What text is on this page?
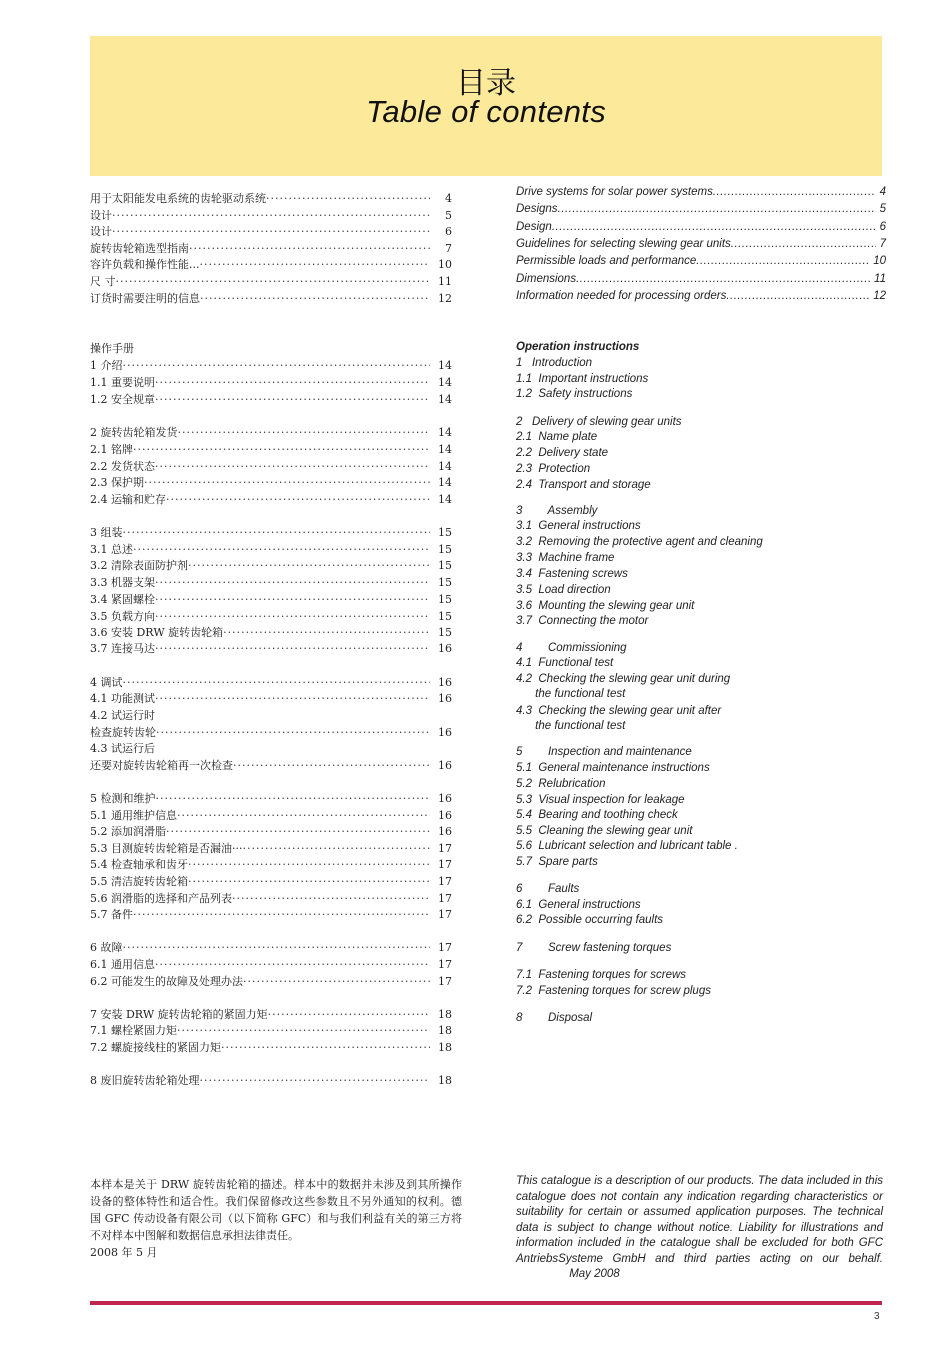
目录
Table of contents
用于太阳能发电系统的齿轮驱动系统 ·····	4
设计 ·····	5
设计 ·····	6
旋转齿轮箱选型指南 ·····	7
容许负载和操作性能... ·····	10
尺 寸 ·····	11
订货时需要注明的信息 ·····	12
操作手册
1 介绍 ·····	14
1.1 重要说明 ·····	14
1.2 安全规章 ·····	14
2 旋转齿轮箱发货 ·····	14
2.1 铭牌 ·····	14
2.2 发货状态 ·····	14
2.3 保护期 ·····	14
2.4 运输和贮存 ·····	14
3 组装 ·····	15
3.1 总述 ·····	15
3.2 清除表面防护剂 ·····	15
3.3 机器支架 ·····	15
3.4 紧固螺栓 ·····	15
3.5 负载方向 ·····	15
3.6 安装 DRW 旋转齿轮箱 ·····	15
3.7 连接马达 ·····	16
4 调试 ·····	16
4.1 功能测试 ·····	16
4.2 试运行时
检查旋转齿轮 ·····	16
4.3 试运行后
还要对旋转齿轮箱再一次检查 ·····	16
5 检测和维护 ·····	16
5.1 通用维护信息 ·····	16
5.2 添加润滑脂 ·····	16
5.3 目测旋转齿轮箱是否漏油··· ·····	17
5.4 检查轴承和齿牙 ·····	17
5.5 清洁旋转齿轮箱 ·····	17
5.6 润滑脂的选择和产品列表 ·····	17
5.7 备件 ·····	17
6 故障 ·····	17
6.1 通用信息 ·····	17
6.2 可能发生的故障及处理办法 ·····	17
7 安装 DRW 旋转齿轮箱的紧固力矩 ·····	18
7.1 螺栓紧固力矩 ·····	18
7.2 螺旋接线柱的紧固力矩 ·····	18
8 废旧旋转齿轮箱处理 ·····	18
Drive systems for solar power systems .....	4
Designs .....	5
Design .....	6
Guidelines for selecting slewing gear units .....	7
Permissible loads and performance .....	10
Dimensions .....	11
Information needed for processing orders .....	12
Operation instructions
1   Introduction
1.1  Important instructions
1.2  Safety instructions
2   Delivery of slewing gear units
2.1  Name plate
2.2  Delivery state
2.3  Protection
2.4  Transport and storage
3        Assembly
3.1  General instructions
3.2  Removing the protective agent and cleaning
3.3  Machine frame
3.4  Fastening screws
3.5  Load direction
3.6  Mounting the slewing gear unit
3.7  Connecting the motor
4        Commissioning
4.1  Functional test
4.2  Checking the slewing gear unit during
the functional test
4.3  Checking the slewing gear unit after
the functional test
5        Inspection and maintenance
5.1  General maintenance instructions
5.2  Relubrication
5.3  Visual inspection for leakage
5.4  Bearing and toothing check
5.5  Cleaning the slewing gear unit
5.6  Lubricant selection and lubricant table .
5.7  Spare parts
6        Faults
6.1  General instructions
6.2  Possible occurring faults
7        Screw fastening torques
7.1  Fastening torques for screws
7.2  Fastening torques for screw plugs
8        Disposal
本样本是关于 DRW 旋转齿轮箱的描述。样本中的数据并未涉及到其所操作设备的整体特性和适合性。我们保留修改这些参数且不另外通知的权利。德国 GFC 传动设备有限公司（以下简称 GFC）和与我们利益有关的第三方将不对样本中图解和数据信息承担法律责任。
2008 年 5 月
This catalogue is a description of our products. The data included in this catalogue does not contain any indication regarding characteristics or suitability for certain or assumed application purposes. The technical data is subject to change without notice. Liability for illustrations and information included in the catalogue shall be excluded for both GFC AntriebsSysteme GmbH and third parties acting on our behalf.  May 2008
3
